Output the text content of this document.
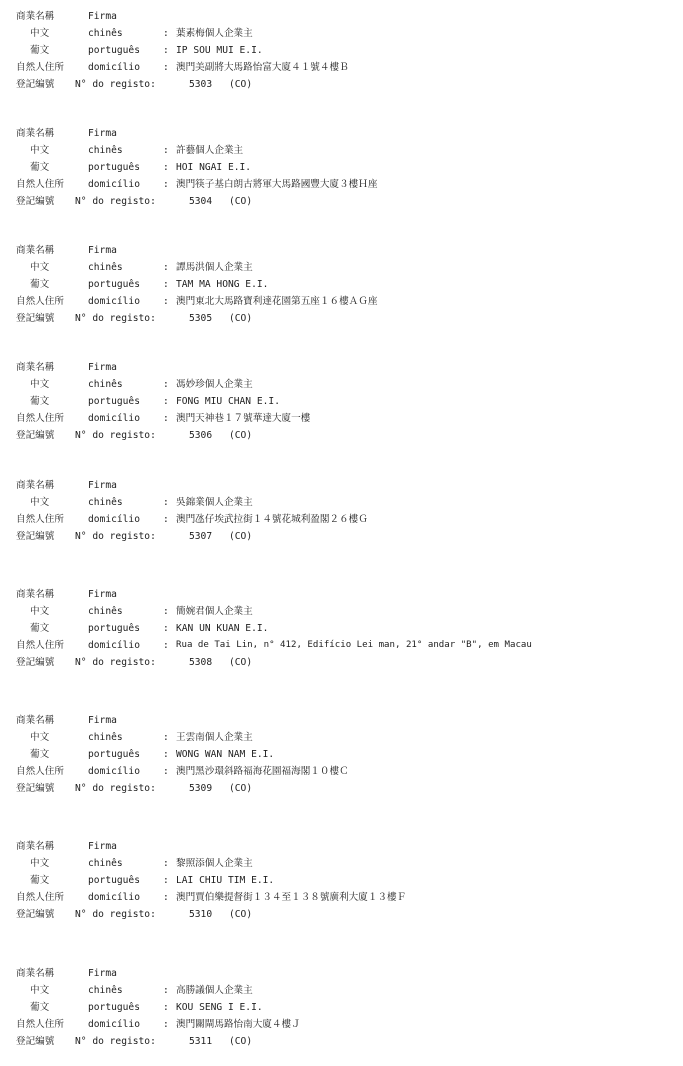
商業名稱	Firma
中文	chinês	: 葉素梅個人企業主
葡文	português : IP SOU MUI E.I.
自然人住所	domicílio : 澳門美副將大馬路怡富大廈４１號４樓Ｂ
登記編號 N° do registo:	5303 (CO)
商業名稱	Firma
中文	chinês	: 許藝個人企業主
葡文	português : HOI NGAI E.I.
自然人住所	domicílio : 澳門筷子基白朗古將軍大馬路國豐大廈３樓Ｈ座
登記編號 N° do registo:	5304 (CO)
商業名稱	Firma
中文	chinês	: 譚馬洪個人企業主
葡文	português : TAM MA HONG E.I.
自然人住所	domicílio : 澳門東北大馬路寶利達花園第五座１６樓ＡＧ座
登記編號 N° do registo:	5305 (CO)
商業名稱	Firma
中文	chinês	: 馮妙珍個人企業主
葡文	português : FONG MIU CHAN E.I.
自然人住所	domicílio : 澳門天神巷１７號華達大廈一樓
登記編號 N° do registo:	5306 (CO)
商業名稱	Firma
中文	chinês	: 吳錦業個人企業主
自然人住所	domicílio : 澳門氹仔埃武拉街１４號花城利盈閣２６樓Ｇ
登記編號 N° do registo:	5307 (CO)
商業名稱	Firma
中文	chinês	: 簡婉君個人企業主
葡文	português : KAN UN KUAN E.I.
自然人住所	domicílio : Rua de Tai Lin, n° 412, Edifício Lei man, 21° andar "B", em Macau
登記編號 N° do registo:	5308 (CO)
商業名稱	Firma
中文	chinês	: 王雲南個人企業主
葡文	português : WONG WAN NAM E.I.
自然人住所	domicílio : 澳門黑沙環斜路福海花園福海閣１０樓Ｃ
登記編號 N° do registo:	5309 (CO)
商業名稱	Firma
中文	chinês	: 黎照添個人企業主
葡文	português : LAI CHIU TIM E.I.
自然人住所	domicílio : 澳門賈伯樂提督街１３４至１３８號廣利大廈１３樓Ｆ
登記編號 N° do registo:	5310 (CO)
商業名稱	Firma
中文	chinês	: 高勝議個人企業主
葡文	português : KOU SENG I E.I.
自然人住所	domicílio : 澳門關閘馬路怡南大廈４樓Ｊ
登記編號 N° do registo:	5311 (CO)
